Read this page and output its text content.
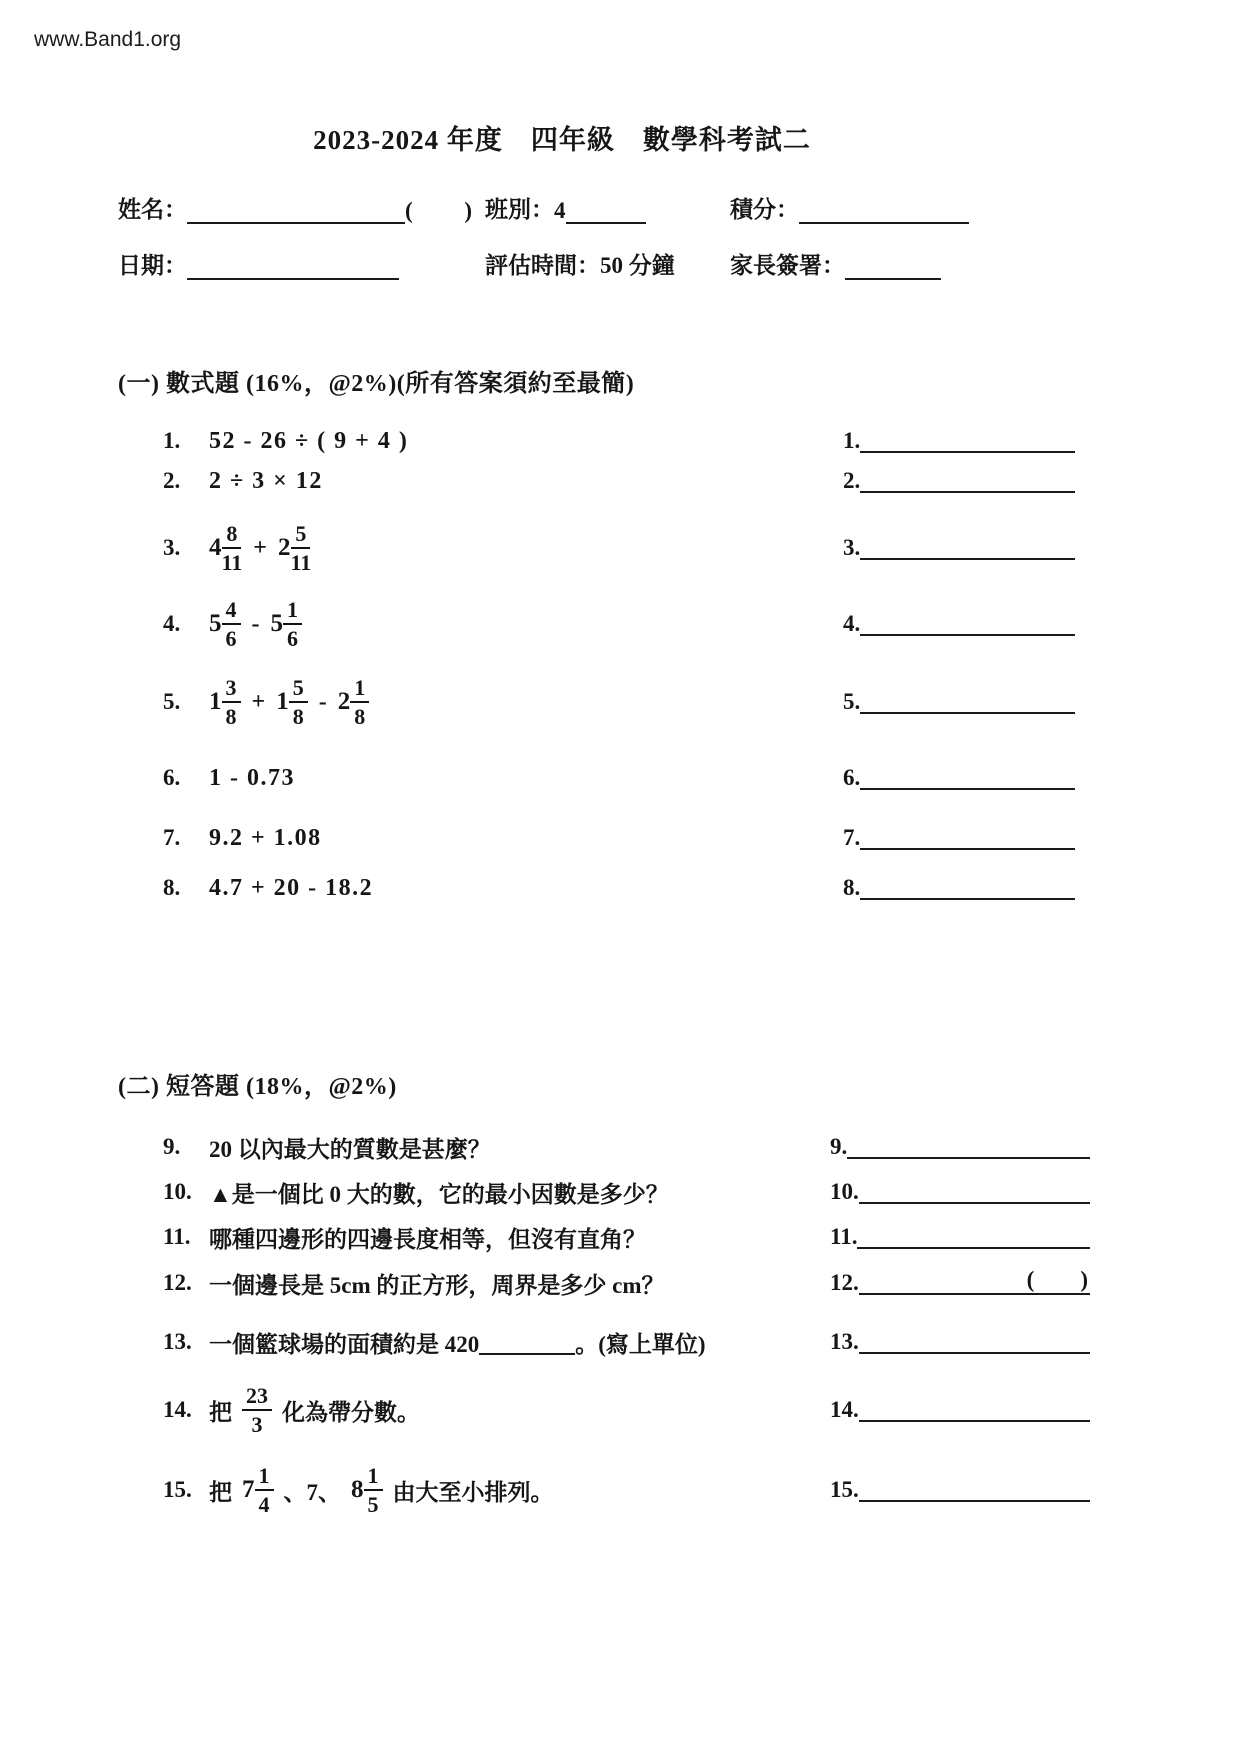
www.Band1.org
2023-2024 年度　四年級　數學科考試二
姓名：	(         ) 班別： 4	積分：
日期：	評估時間：50 分鐘 家長簽署：
(一) 數式題 (16%，@2%)(所有答案須約至最簡)
1.	52 - 26 ÷ ( 9 + 4 )	1.
2.	2 ÷ 3 × 12	2.
3.	$4 \frac{8}{11} + 2 \frac{5}{11}$	3.
4.	$5 \frac{4}{6} - 5 \frac{1}{6}$	4.
5.	$1 \frac{3}{8} + 1 \frac{5}{8} - 2 \frac{1}{8}$	5.
6.	1 - 0.73	6.
7.	9.2 + 1.08	7.
8.	4.7 + 20 - 18.2	8.
(二) 短答題 (18%，@2%)
9.	20 以內最大的質數是甚麼？	9.
10. ▲是一個比 0 大的數，它的最小因數是多少？	10.
11. 哪種四邊形的四邊長度相等，但沒有直角？	11.
12. 一個邊長是 5cm 的正方形，周界是多少 cm？	12.	(        )
13. 一個籃球場的面積約是 420	。(寫上單位)	13.
14. 把 $\frac{23}{3}$ 化為帶分數。	14.
15. 把 $7 \frac{1}{4}$ 、7、 $8 \frac{1}{5}$ 由大至小排列。	15.
